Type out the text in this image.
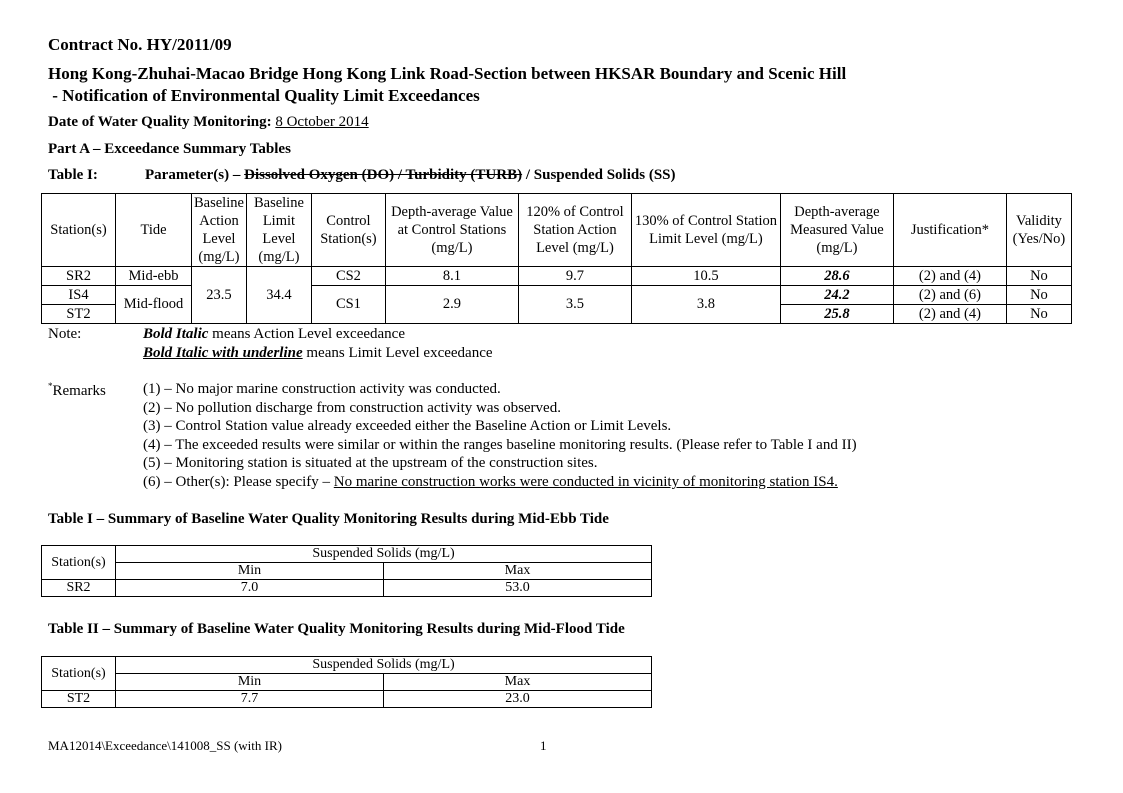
Contract No. HY/2011/09
Hong Kong-Zhuhai-Macao Bridge Hong Kong Link Road-Section between HKSAR Boundary and Scenic Hill
- Notification of Environmental Quality Limit Exceedances
Date of Water Quality Monitoring: 8 October 2014
Part A – Exceedance Summary Tables
Table I:	Parameter(s) – Dissolved Oxygen (DO) / Turbidity (TURB) / Suspended Solids (SS)
Station(s)	Tide	Baseline Action Level (mg/L)	Baseline Limit Level (mg/L)	Control Station(s)	Depth-average Value at Control Stations (mg/L)	120% of Control Station Action Level (mg/L)	130% of Control Station Limit Level (mg/L)	Depth-average Measured Value (mg/L)	Justification*	Validity (Yes/No)
SR2	Mid-ebb	23.5	34.4	CS2	8.1	9.7	10.5	28.6	(2) and (4)	No
IS4	Mid-flood			CS1	2.9	3.5	3.8	24.2	(2) and (6)	No
ST2								25.8	(2) and (4)	No
Note:	Bold Italic means Action Level exceedance
Bold Italic with underline means Limit Level exceedance
*Remarks (1) – No major marine construction activity was conducted.
(2) – No pollution discharge from construction activity was observed.
(3) – Control Station value already exceeded either the Baseline Action or Limit Levels.
(4) – The exceeded results were similar or within the ranges baseline monitoring results. (Please refer to Table I and II)
(5) – Monitoring station is situated at the upstream of the construction sites.
(6) – Other(s): Please specify – No marine construction works were conducted in vicinity of monitoring station IS4.
Table I – Summary of Baseline Water Quality Monitoring Results during Mid-Ebb Tide
Station(s)	Suspended Solids (mg/L)	
	Min	Max
SR2	7.0	53.0
Table II – Summary of Baseline Water Quality Monitoring Results during Mid-Flood Tide
Station(s)	Suspended Solids (mg/L)	
	Min	Max
ST2	7.7	23.0
MA12014\Exceedance\141008_SS (with IR)	1
